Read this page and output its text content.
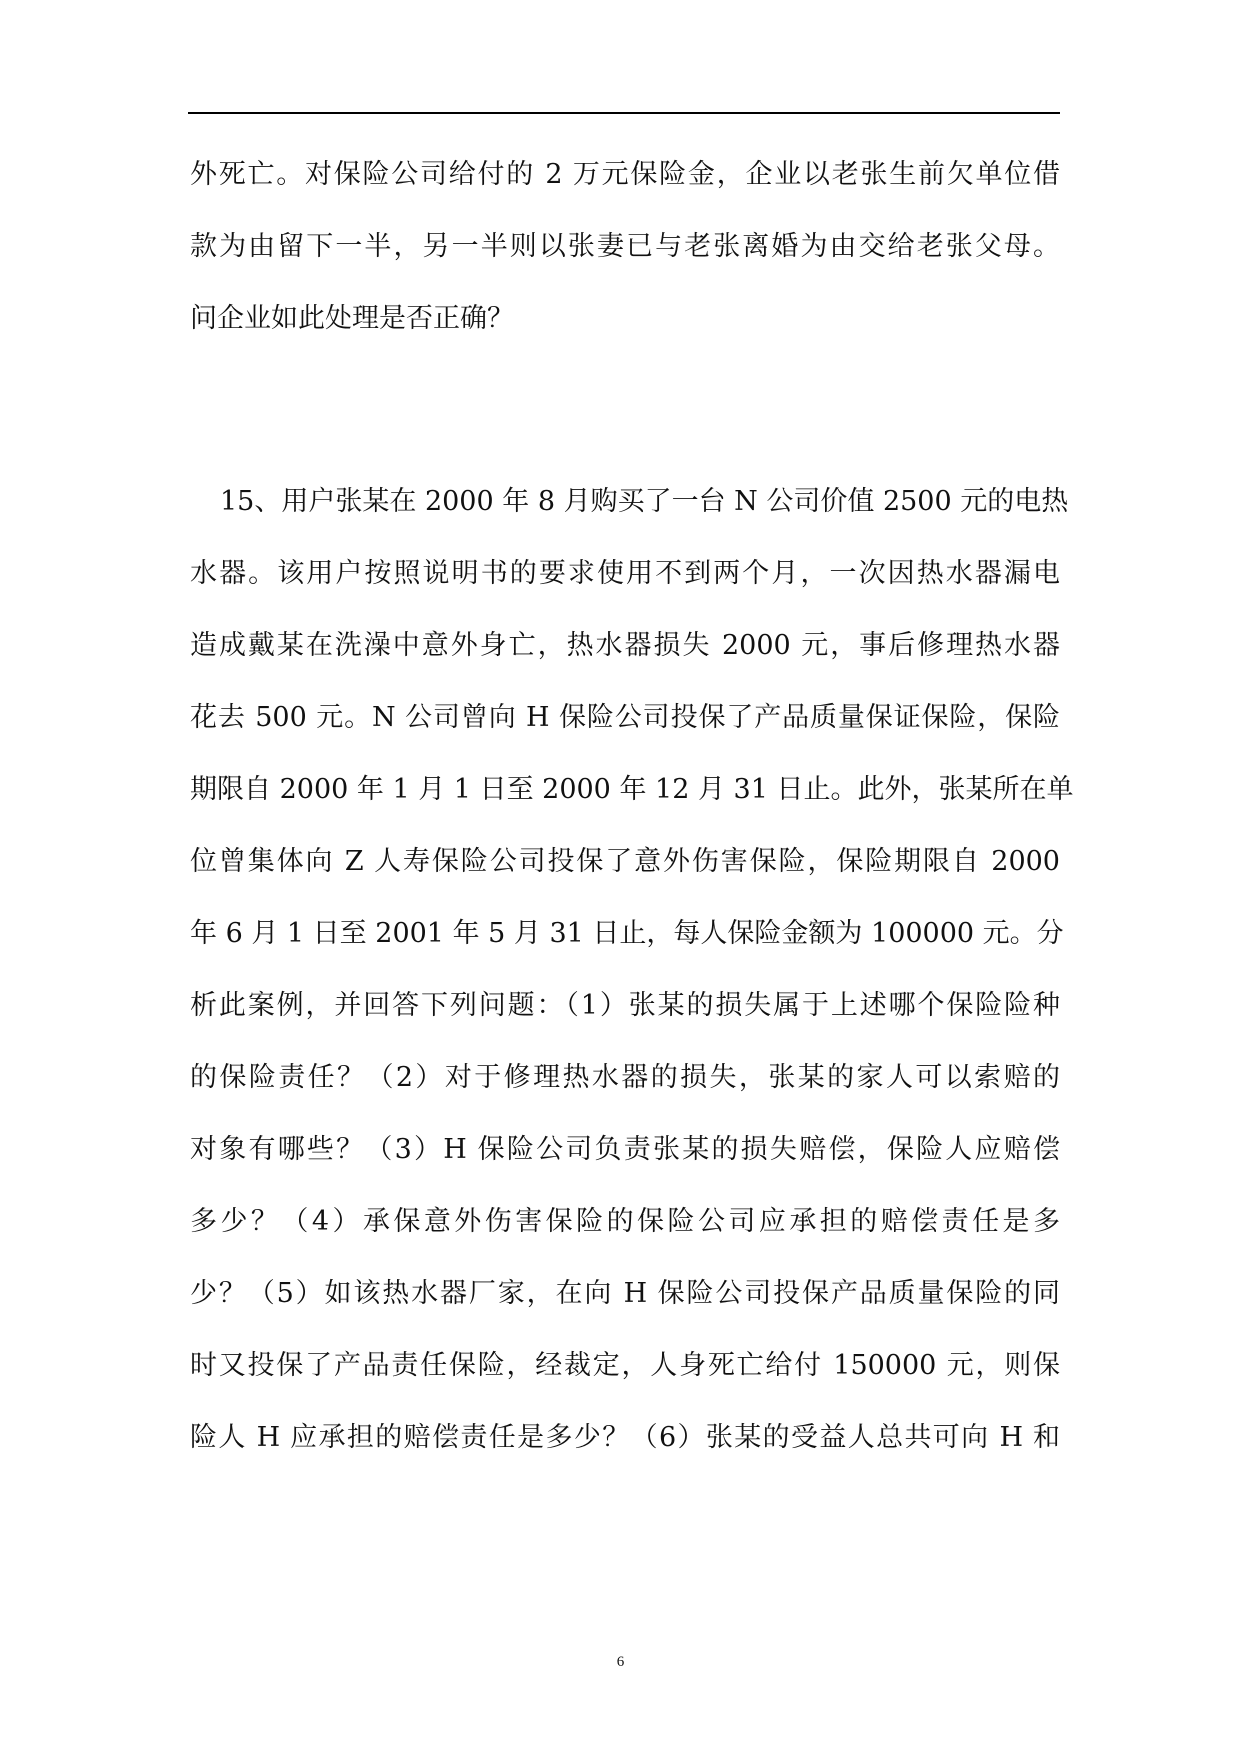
外死亡。对保险公司给付的 2 万元保险金，企业以老张生前欠单位借
款为由留下一半，另一半则以张妻已与老张离婚为由交给老张父母。
问企业如此处理是否正确？
15、用户张某在 2000 年 8 月购买了一台 N 公司价值 2500 元的电热
水器。该用户按照说明书的要求使用不到两个月，一次因热水器漏电
造成戴某在洗澡中意外身亡，热水器损失 2000 元，事后修理热水器
花去 500 元。N 公司曾向 H 保险公司投保了产品质量保证保险，保险
期限自 2000 年 1 月 1 日至 2000 年 12 月 31 日止。此外，张某所在单
位曾集体向 Z 人寿保险公司投保了意外伤害保险，保险期限自 2000
年 6 月 1 日至 2001 年 5 月 31 日止，每人保险金额为 100000 元。分
析此案例，并回答下列问题：（1）张某的损失属于上述哪个保险险种
的保险责任？（2）对于修理热水器的损失，张某的家人可以索赔的
对象有哪些？（3）H 保险公司负责张某的损失赔偿，保险人应赔偿
多少？（4）承保意外伤害保险的保险公司应承担的赔偿责任是多
少？（5）如该热水器厂家，在向 H 保险公司投保产品质量保险的同
时又投保了产品责任保险，经裁定，人身死亡给付 150000 元，则保
险人 H 应承担的赔偿责任是多少？（6）张某的受益人总共可向 H 和
6
